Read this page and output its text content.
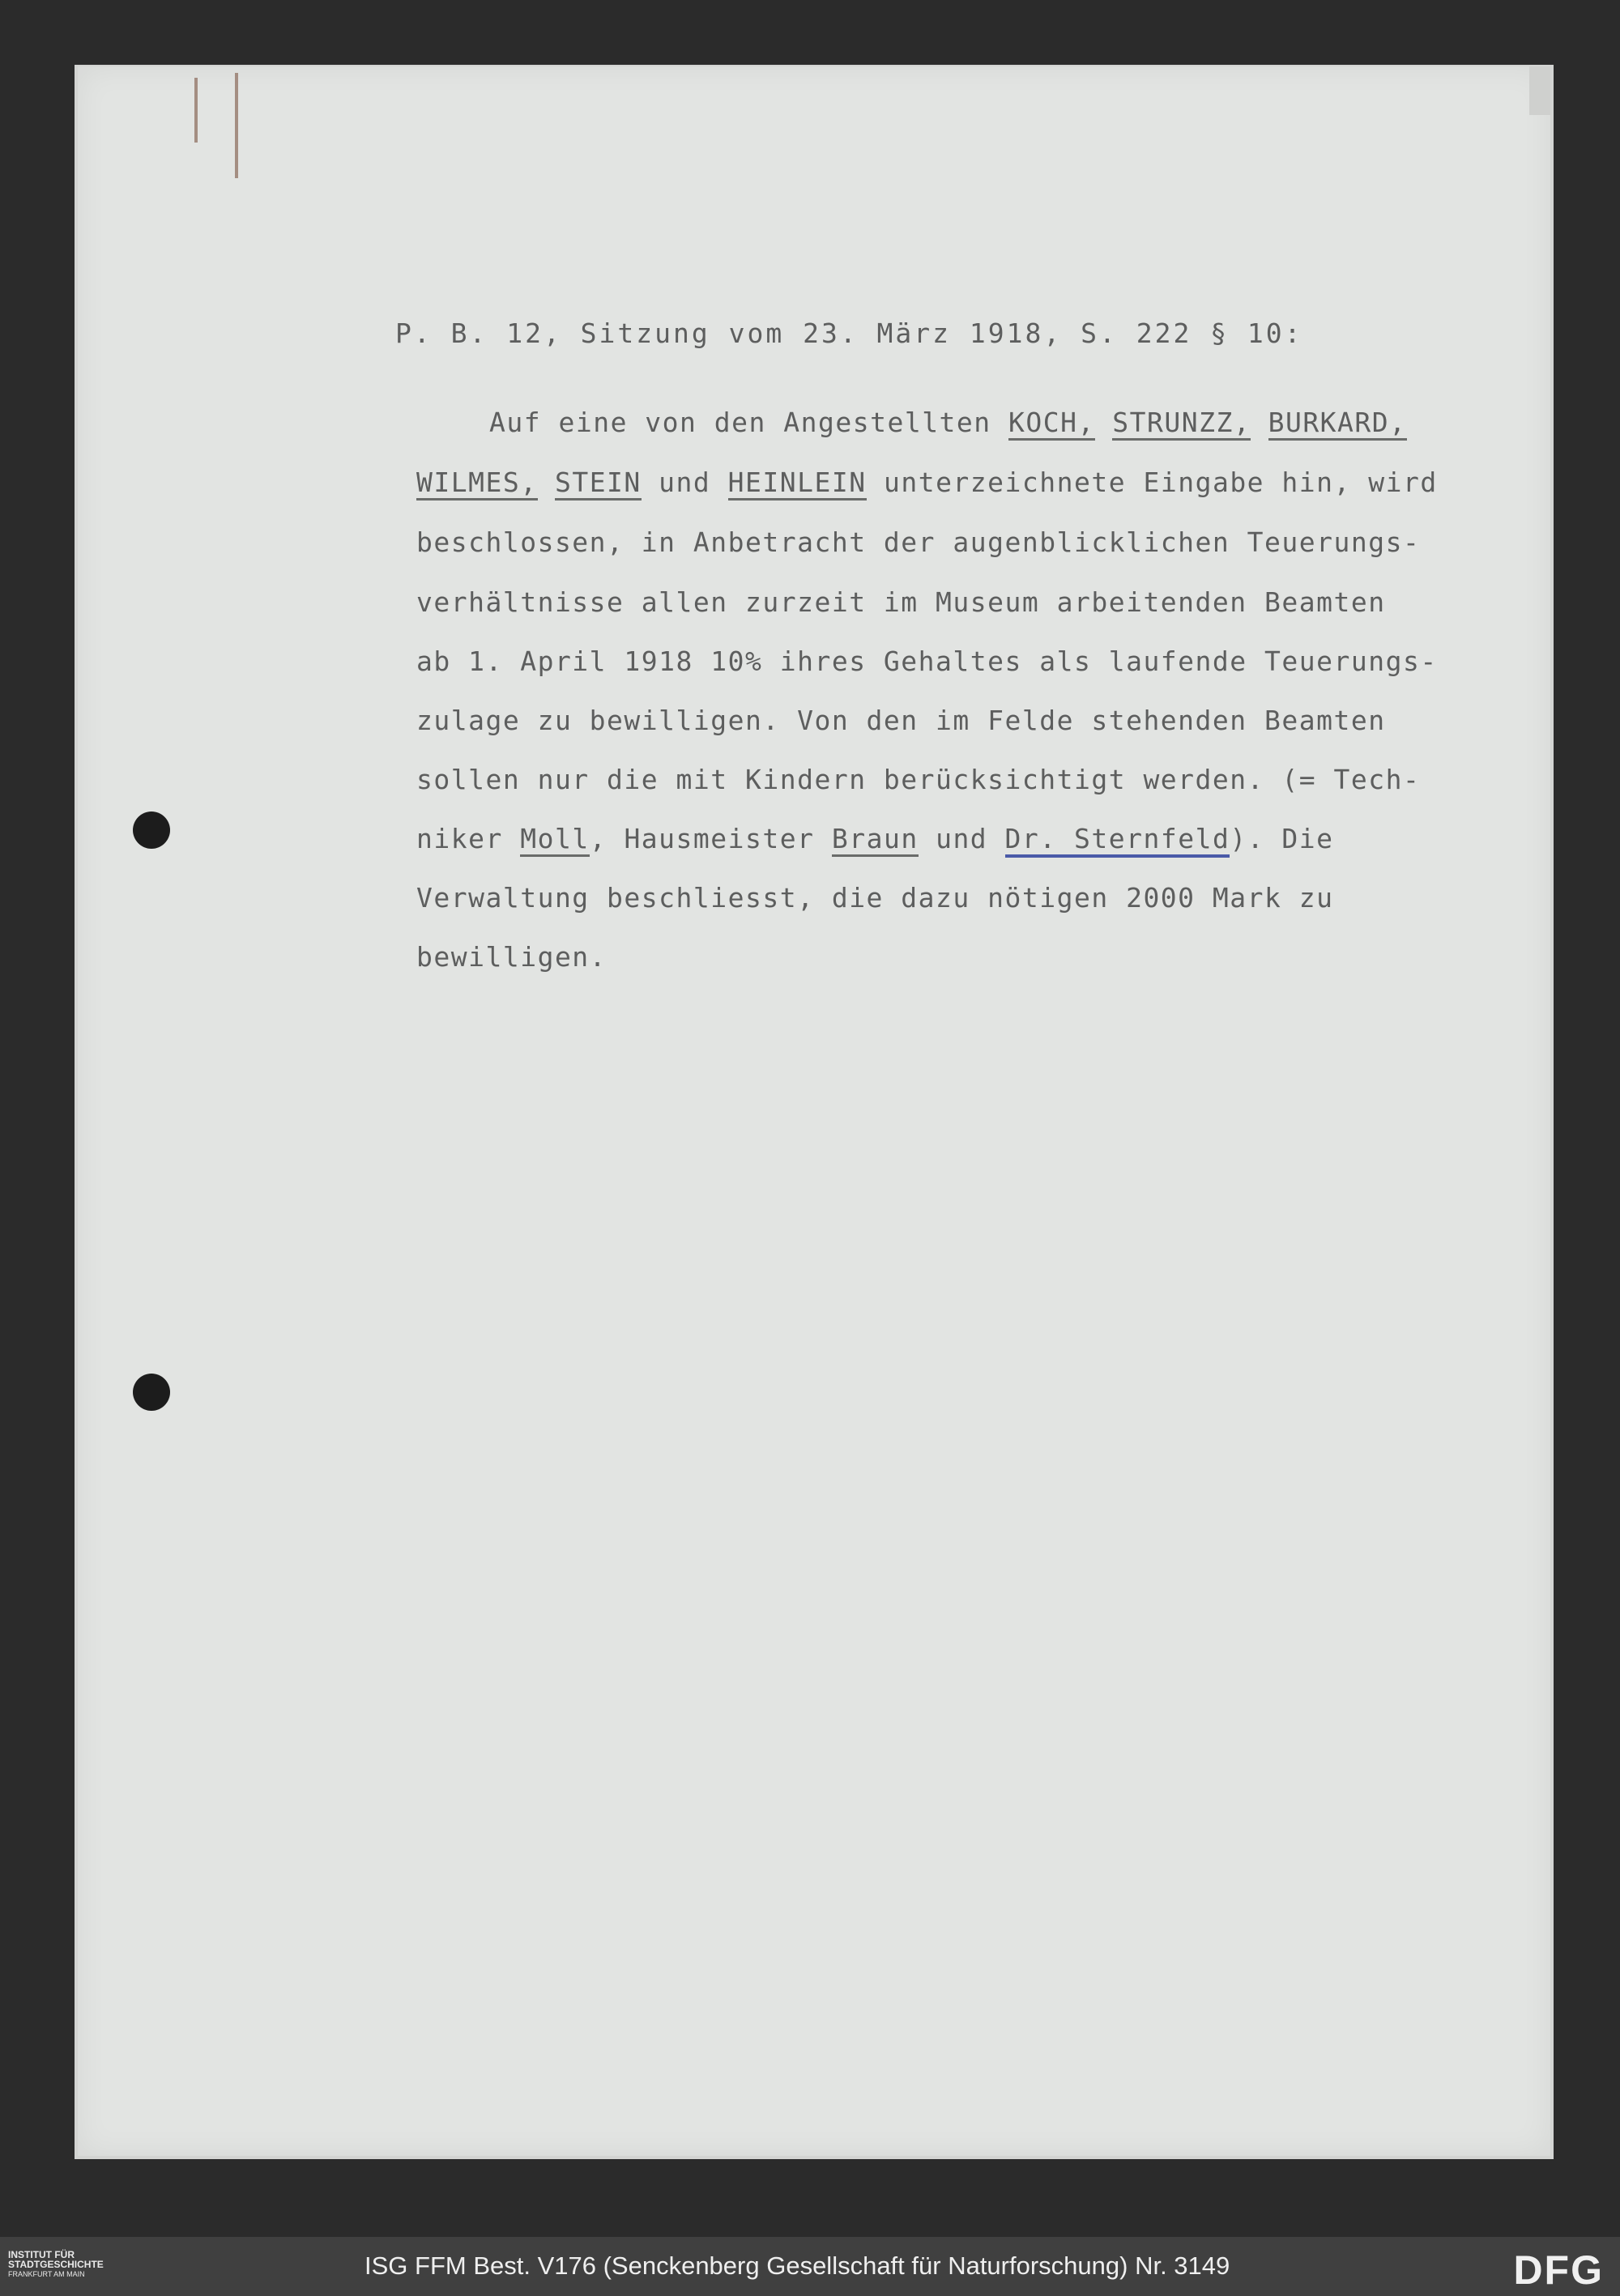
P. B. 12, Sitzung vom 23. März 1918, S. 222 § 10:
Auf eine von den Angestellten KOCH, STRUNZZ, BURKARD,
WILMES, STEIN und HEINLEIN unterzeichnete Eingabe hin, wird
beschlossen, in Anbetracht der augenblicklichen Teuerungs-
verhältnisse allen zurzeit im Museum arbeitenden Beamten
ab 1. April 1918 10% ihres Gehaltes als laufende Teuerungs-
zulage zu bewilligen. Von den im Felde stehenden Beamten
sollen nur die mit Kindern berücksichtigt werden. (= Tech-
niker Moll, Hausmeister Braun und Dr. Sternfeld). Die
Verwaltung beschliesst, die dazu nötigen 2000 Mark zu
bewilligen.
INSTITUT FÜR
STADTGESCHICHTE
FRANKFURT AM MAIN	ISG FFM Best. V176 (Senckenberg Gesellschaft für Naturforschung) Nr. 3149	DFG
